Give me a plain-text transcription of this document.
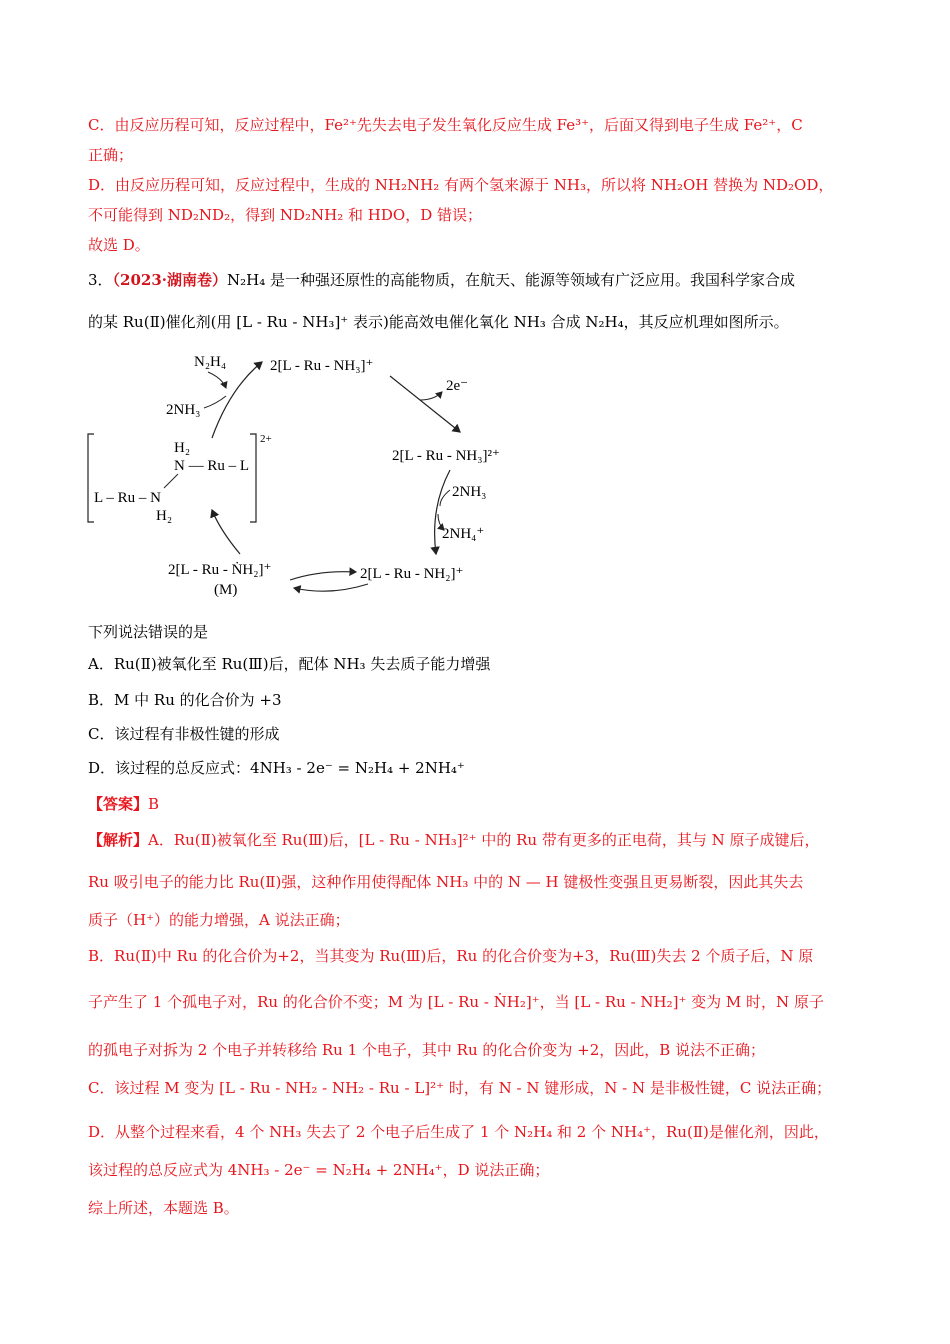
C．由反应历程可知，反应过程中，Fe²⁺先失去电子发生氧化反应生成 Fe³⁺，后面又得到电子生成 Fe²⁺，C
正确；
D．由反应历程可知，反应过程中，生成的 NH₂NH₂ 有两个氢来源于 NH₃，所以将 NH₂OH 替换为 ND₂OD，
不可能得到 ND₂ND₂，得到 ND₂NH₂ 和 HDO，D 错误；
故选 D。
3．（2023·湖南卷）N₂H₄ 是一种强还原性的高能物质，在航天、能源等领域有广泛应用。我国科学家合成
的某 Ru(Ⅱ)催化剂(用 [L - Ru - NH₃]⁺ 表示)能高效电催化氧化 NH₃ 合成 N₂H₄，其反应机理如图所示。
2[L - Ru - NH₃]⁺
N₂H₄
2NH₃
2e⁻
2[L - Ru - NH₃]²⁺
2NH₃
2NH₄⁺
2[L - Ru - NH₂]⁺
2[L - Ru - ṄH₂]⁺
(M)
2+
H₂
N — Ru – L
L – Ru – N
H₂
下列说法错误的是
A．Ru(Ⅱ)被氧化至 Ru(Ⅲ)后，配体 NH₃ 失去质子能力增强
B．M 中 Ru 的化合价为 +3
C．该过程有非极性键的形成
D．该过程的总反应式：4NH₃ - 2e⁻ = N₂H₄ + 2NH₄⁺
【答案】B
【解析】A．Ru(Ⅱ)被氧化至 Ru(Ⅲ)后，[L - Ru - NH₃]²⁺ 中的 Ru 带有更多的正电荷，其与 N 原子成键后，
Ru 吸引电子的能力比 Ru(Ⅱ)强，这种作用使得配体 NH₃ 中的 N — H 键极性变强且更易断裂，因此其失去
质子（H⁺）的能力增强，A 说法正确；
B．Ru(Ⅱ)中 Ru 的化合价为+2，当其变为 Ru(Ⅲ)后，Ru 的化合价变为+3，Ru(Ⅲ)失去 2 个质子后，N 原
子产生了 1 个孤电子对，Ru 的化合价不变；M 为 [L - Ru - ṄH₂]⁺，当 [L - Ru - NH₂]⁺ 变为 M 时，N 原子
的孤电子对拆为 2 个电子并转移给 Ru 1 个电子，其中 Ru 的化合价变为 +2，因此，B 说法不正确；
C．该过程 M 变为 [L - Ru - NH₂ - NH₂ - Ru - L]²⁺ 时，有 N - N 键形成，N - N 是非极性键，C 说法正确；
D．从整个过程来看，4 个 NH₃ 失去了 2 个电子后生成了 1 个 N₂H₄ 和 2 个 NH₄⁺，Ru(Ⅱ)是催化剂，因此，
该过程的总反应式为 4NH₃ - 2e⁻ = N₂H₄ + 2NH₄⁺，D 说法正确；
综上所述，本题选 B。
